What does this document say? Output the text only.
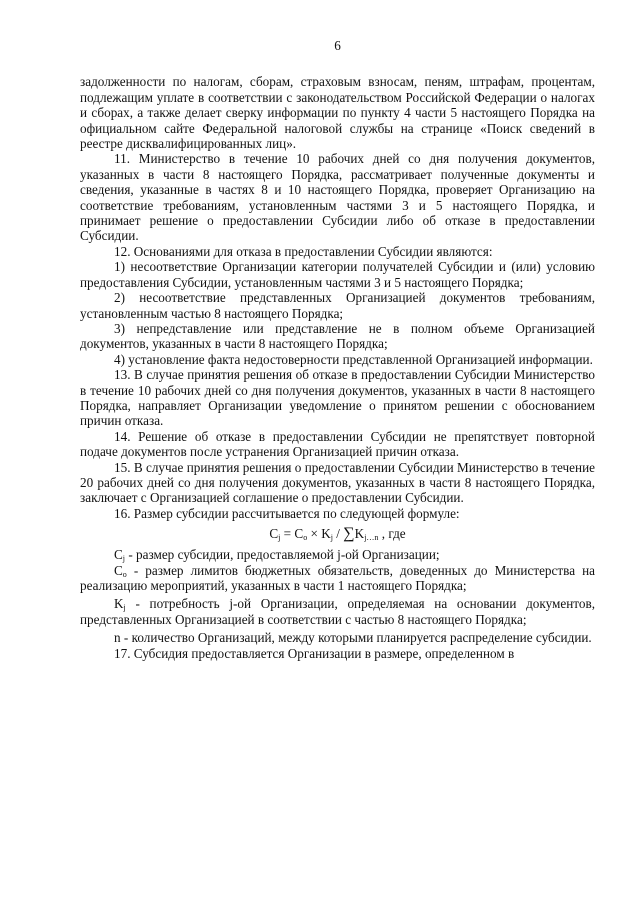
6

задолженности по налогам, сборам, страховым взносам, пеням, штрафам, процентам, подлежащим уплате в соответствии с законодательством Российской Федерации о налогах и сборах, а также делает сверку информации по пункту 4 части 5 настоящего Порядка на официальном сайте Федеральной налоговой службы на странице «Поиск сведений в реестре дисквалифицированных лиц».

11. Министерство в течение 10 рабочих дней со дня получения документов, указанных в части 8 настоящего Порядка, рассматривает полученные документы и сведения, указанные в частях 8 и 10 настоящего Порядка, проверяет Организацию на соответствие требованиям, установленным частями 3 и 5 настоящего Порядка, и принимает решение о предоставлении Субсидии либо об отказе в предоставлении Субсидии.

12. Основаниями для отказа в предоставлении Субсидии являются:

1) несоответствие Организации категории получателей Субсидии и (или) условию предоставления Субсидии, установленным частями 3 и 5 настоящего Порядка;

2) несоответствие представленных Организацией документов требованиям, установленным частью 8 настоящего Порядка;

3) непредставление или представление не в полном объеме Организацией документов, указанных в части 8 настоящего Порядка;

4) установление факта недостоверности представленной Организацией информации.

13. В случае принятия решения об отказе в предоставлении Субсидии Министерство в течение 10 рабочих дней со дня получения документов, указанных в части 8 настоящего Порядка, направляет Организации уведомление о принятом решении с обоснованием причин отказа.

14. Решение об отказе в предоставлении Субсидии не препятствует повторной подаче документов после устранения Организацией причин отказа.

15. В случае принятия решения о предоставлении Субсидии Министерство в течение 20 рабочих дней со дня получения документов, указанных в части 8 настоящего Порядка, заключает с Организацией соглашение о предоставлении Субсидии.

16. Размер субсидии рассчитывается по следующей формуле:

$C_j = C_o \times K_j / \sum K_{j\dots n}$ , где

$C_j$ - размер субсидии, предоставляемой j-ой Организации;

$C_o$ - размер лимитов бюджетных обязательств, доведенных до Министерства на реализацию мероприятий, указанных в части 1 настоящего Порядка;

$K_j$ - потребность j-ой Организации, определяемая на основании документов, представленных Организацией в соответствии с частью 8 настоящего Порядка;

n - количество Организаций, между которыми планируется распределение субсидии.

17. Субсидия предоставляется Организации в размере, определенном в
